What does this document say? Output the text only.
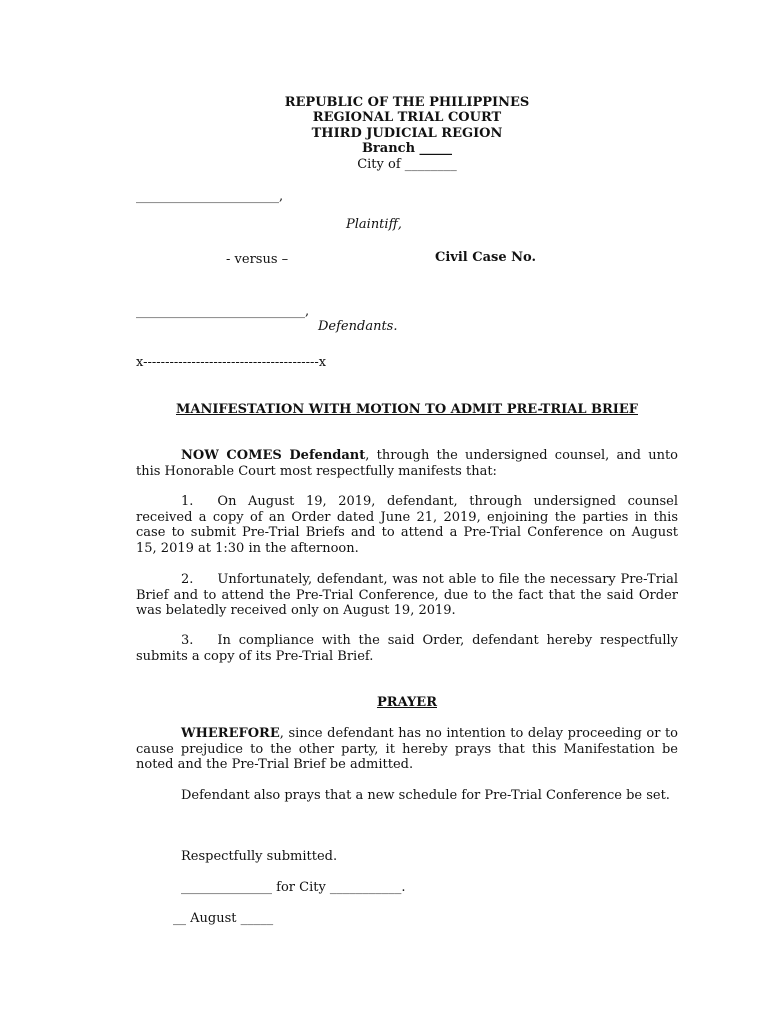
REPUBLIC OF THE PHILIPPINES
REGIONAL TRIAL COURT
THIRD JUDICIAL REGION
Branch _____
City of ________
______________________,
Plaintiff,
- versus –	Civil Case No.
__________________________,
Defendants.
x----------------------------------------x
MANIFESTATION WITH MOTION TO ADMIT PRE-TRIAL BRIEF
NOW COMES Defendant, through the undersigned counsel, and unto this Honorable Court most respectfully manifests that:
1. On August 19, 2019, defendant, through undersigned counsel received a copy of an Order dated June 21, 2019, enjoining the parties in this case to submit Pre-Trial Briefs and to attend a Pre-Trial Conference on August 15, 2019 at 1:30 in the afternoon.
2. Unfortunately, defendant, was not able to file the necessary Pre-Trial Brief and to attend the Pre-Trial Conference, due to the fact that the said Order was belatedly received only on August 19, 2019.
3. In compliance with the said Order, defendant hereby respectfully submits a copy of its Pre-Trial Brief.
PRAYER
WHEREFORE, since defendant has no intention to delay proceeding or to cause prejudice to the other party, it hereby prays that this Manifestation be noted and the Pre-Trial Brief be admitted.
Defendant also prays that a new schedule for Pre-Trial Conference be set.
Respectfully submitted.
______________ for City ___________.
__ August _____
